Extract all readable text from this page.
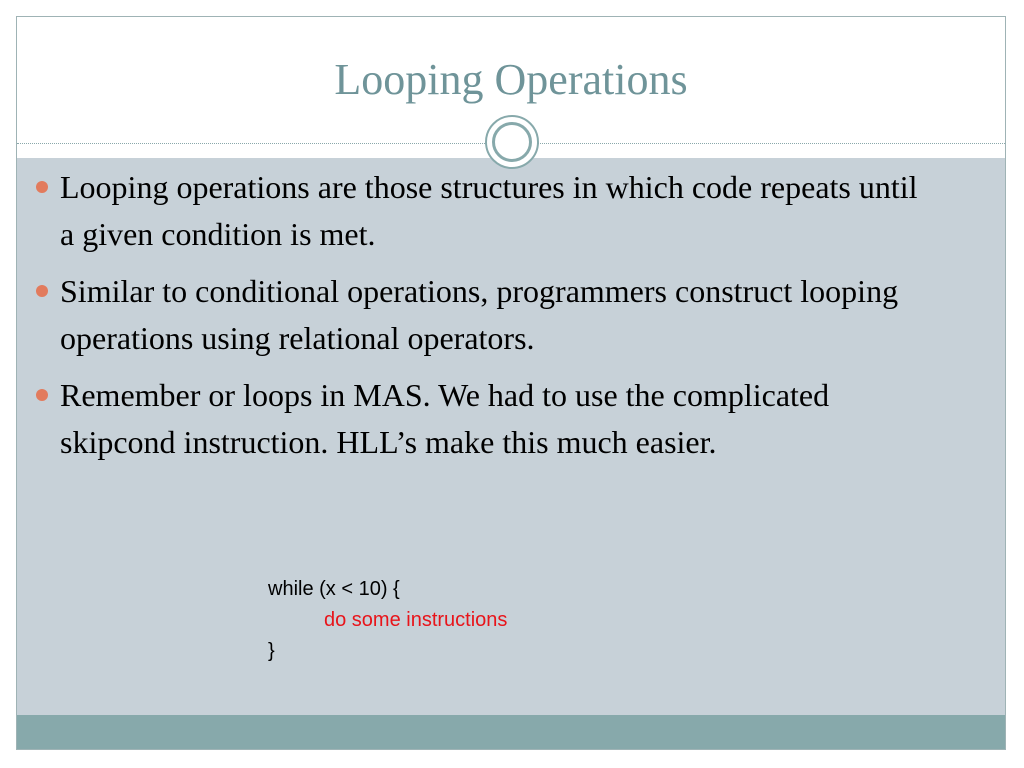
Looping Operations
Looping operations are those structures in which code repeats until a given condition is met.
Similar to conditional operations, programmers construct looping operations using relational operators.
Remember or loops in MAS. We had to use the complicated skipcond instruction. HLL’s make this much easier.
while (x < 10) {
do some instructions
}
